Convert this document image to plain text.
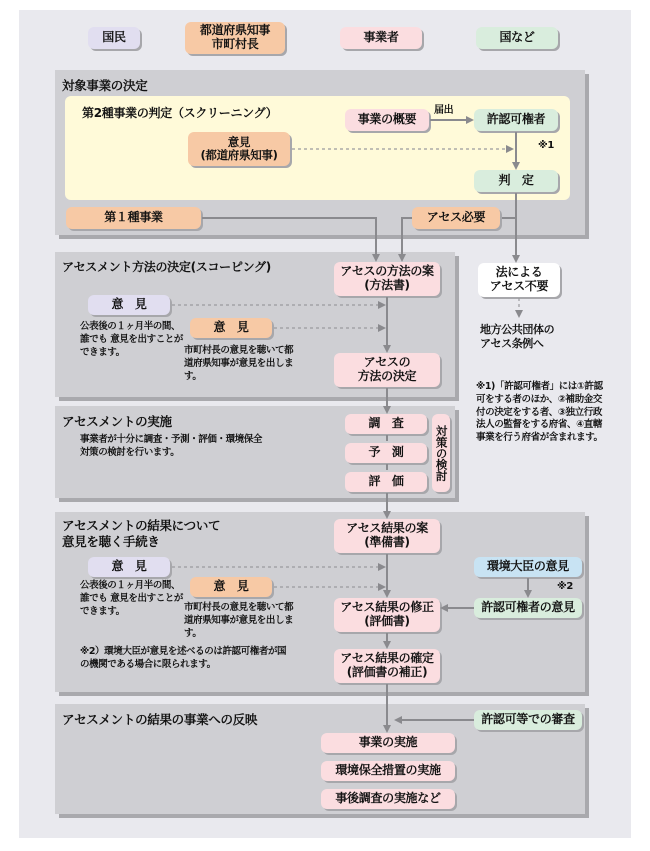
国民	都道府県知事
市町村長	事業者	国など
対象事業の決定
第2種事業の判定（スクリーニング）	事業の概要
届出
許認可権者
意見
(都道府県知事)
※1
判　定
第１種事業	アセス必要
アセスメント方法の決定(スコーピング)	アセスの方法の案
(方法書)
意　見
公表後の１ヶ月半の間、誰でも 意見を出すことができます。
意　見
市町村長の意見を聴いて都道府県知事が意見を出します。
アセスの
方法の決定
法による
アセス不要
地方公共団体の
アセス条例へ
※1)「許認可権者」には①許認可をする者のほか、②補助金交付の決定をする者、③独立行政法人の監督をする府省、④直轄事業を行う府省が含まれます。
アセスメントの実施
事業者が十分に調査・予測・評価・環境保全対策の検討を行います。
調　査
予　測
評　価
対策の検討
アセスメントの結果について
意見を聴く手続き
アセス結果の案
(準備書)
意　見
公表後の１ヶ月半の間、誰でも 意見を出すことができます。
意　見
市町村長の意見を聴いて都道府県知事が意見を出します。
環境大臣の意見
※2
許認可権者の意見
アセス結果の修正
(評価書)
※2）環境大臣が意見を述べるのは許認可権者が国の機関である場合に限られます。	アセス結果の確定
(評価書の補正)
アセスメントの結果の事業への反映	許認可等での審査
事業の実施
環境保全措置の実施
事後調査の実施など
